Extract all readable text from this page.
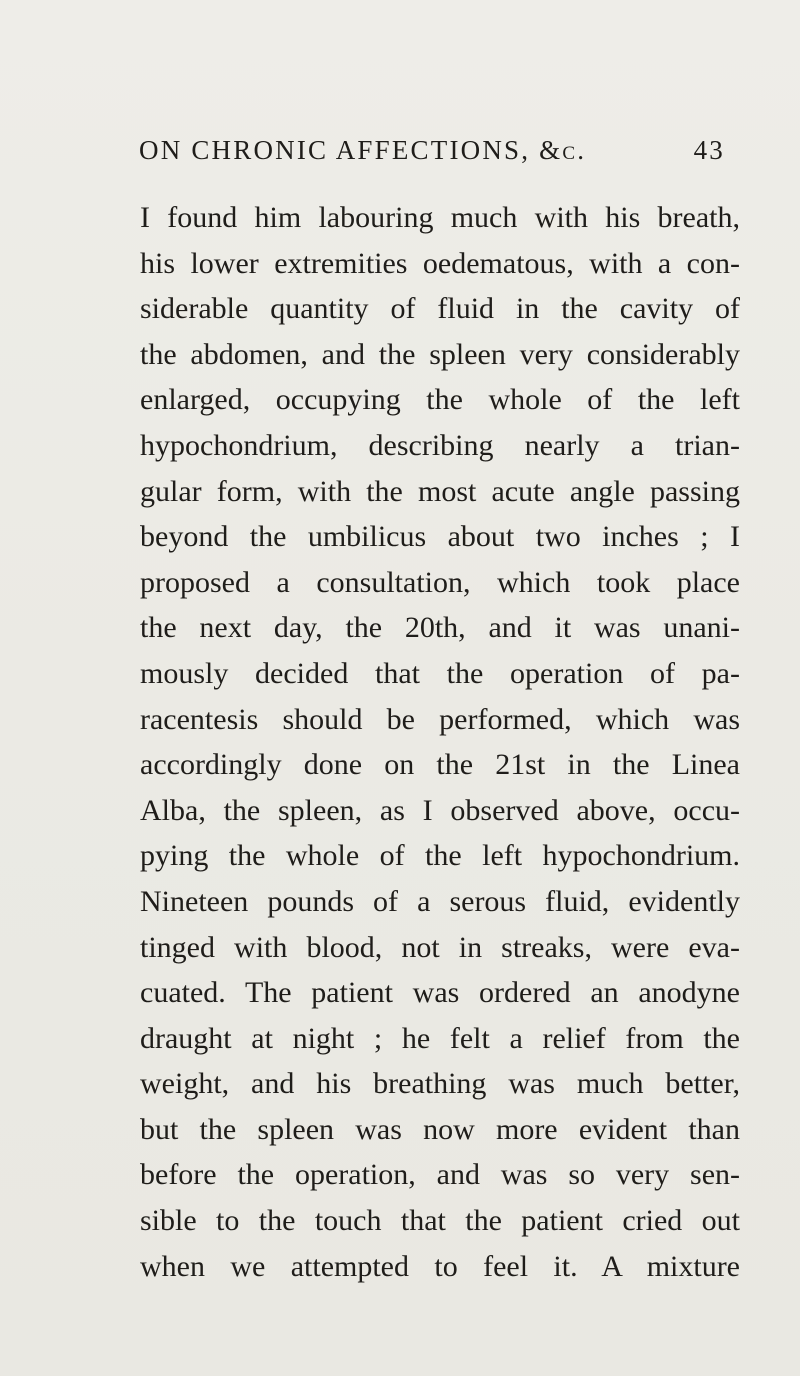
ON CHRONIC AFFECTIONS, &c.	43
I found him labouring much with his breath,
his lower extremities oedematous, with a con-
siderable quantity of fluid in the cavity of
the abdomen, and the spleen very considerably
enlarged, occupying the whole of the left
hypochondrium, describing nearly a trian-
gular form, with the most acute angle passing
beyond the umbilicus about two inches ; I
proposed a consultation, which took place
the next day, the 20th, and it was unani-
mously decided that the operation of pa-
racentesis should be performed, which was
accordingly done on the 21st in the Linea
Alba, the spleen, as I observed above, occu-
pying the whole of the left hypochondrium.
Nineteen pounds of a serous fluid, evidently
tinged with blood, not in streaks, were eva-
cuated. The patient was ordered an anodyne
draught at night ; he felt a relief from the
weight, and his breathing was much better,
but the spleen was now more evident than
before the operation, and was so very sen-
sible to the touch that the patient cried out
when we attempted to feel it. A mixture
